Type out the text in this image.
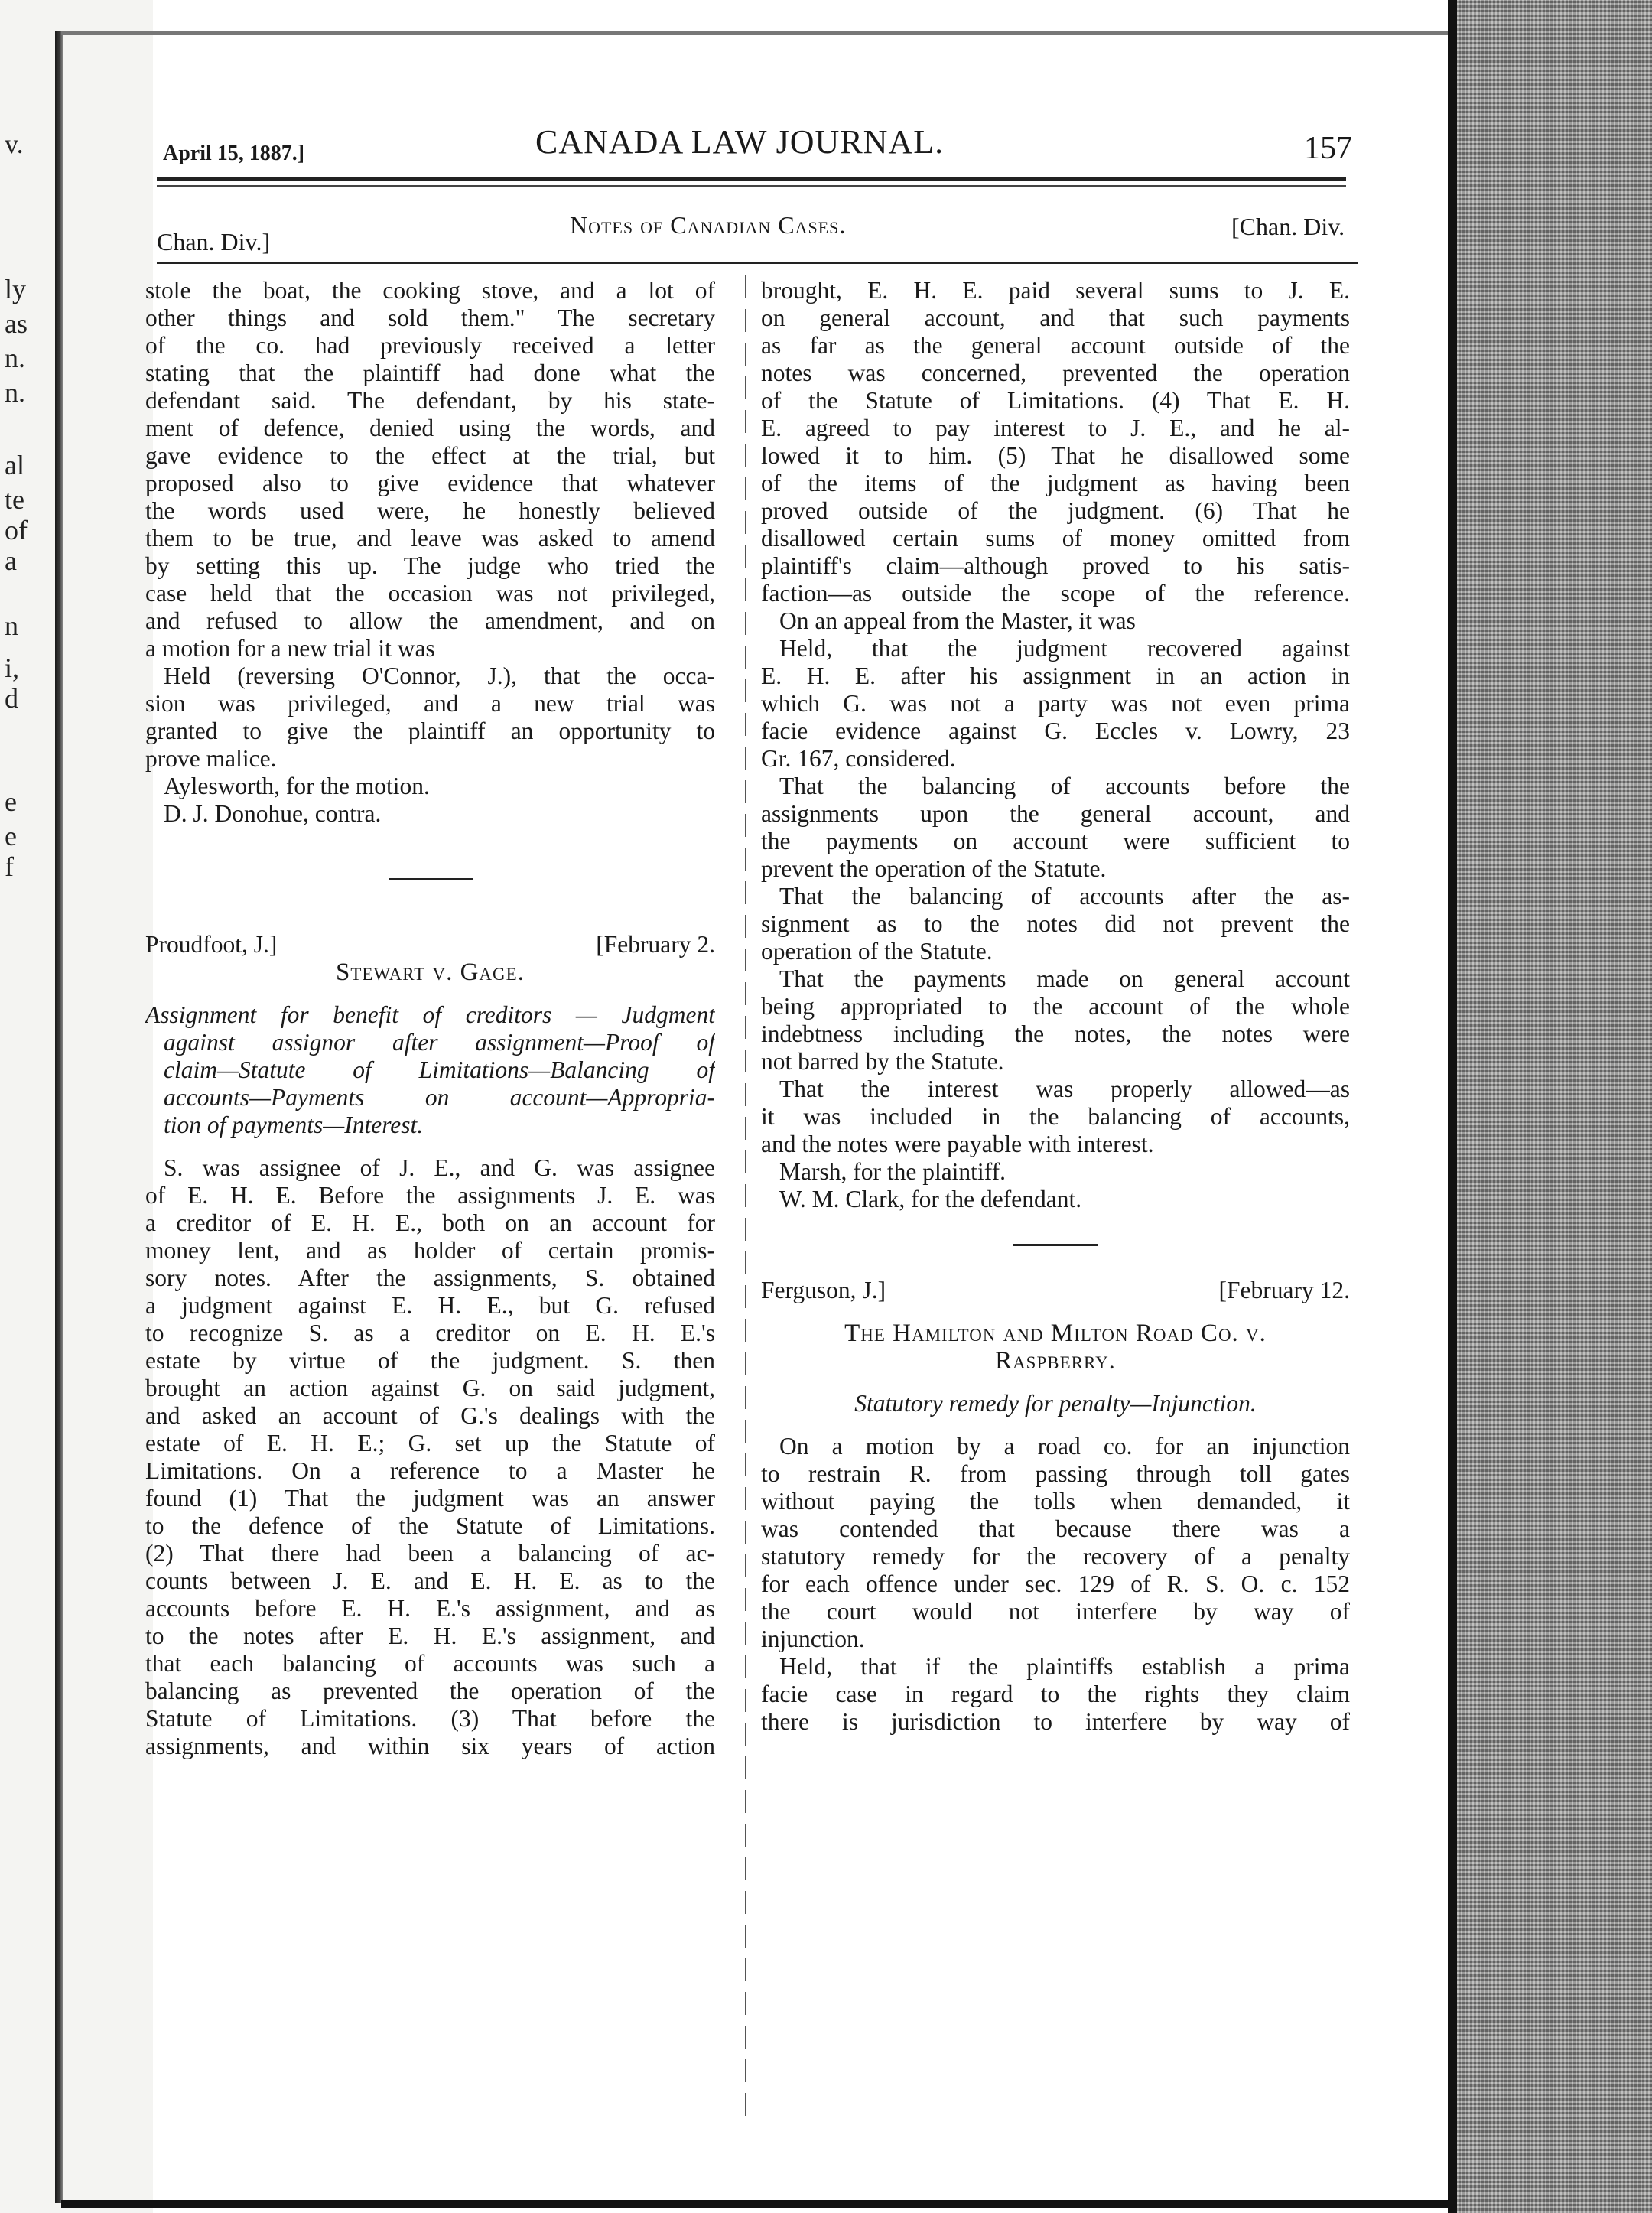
v.
ly
as
n.
n.
al
te
of
a
n
i,
d
e
e
f
April 15, 1887.]	CANADA LAW JOURNAL.	157
Chan. Div.]
Notes of Canadian Cases.	[Chan. Div.
stole the boat, the cooking stove, and a lot of
other things and sold them." The secretary
of the co. had previously received a letter
stating that the plaintiff had done what the
defendant said. The defendant, by his state-
ment of defence, denied using the words, and
gave evidence to the effect at the trial, but
proposed also to give evidence that whatever
the words used were, he honestly believed
them to be true, and leave was asked to amend
by setting this up. The judge who tried the
case held that the occasion was not privileged,
and refused to allow the amendment, and on
a motion for a new trial it was
Held (reversing O'Connor, J.), that the occa-
sion was privileged, and a new trial was
granted to give the plaintiff an opportunity to
prove malice.
Aylesworth, for the motion.
D. J. Donohue, contra.
Proudfoot, J.]	[February 2.
Stewart v. Gage.
Assignment for benefit of creditors — Judgment
against assignor after assignment—Proof of
claim—Statute of Limitations—Balancing of
accounts—Payments on account—Appropria-
tion of payments—Interest.
S. was assignee of J. E., and G. was assignee
of E. H. E. Before the assignments J. E. was
a creditor of E. H. E., both on an account for
money lent, and as holder of certain promis-
sory notes. After the assignments, S. obtained
a judgment against E. H. E., but G. refused
to recognize S. as a creditor on E. H. E.'s
estate by virtue of the judgment. S. then
brought an action against G. on said judgment,
and asked an account of G.'s dealings with the
estate of E. H. E.; G. set up the Statute of
Limitations. On a reference to a Master he
found (1) That the judgment was an answer
to the defence of the Statute of Limitations.
(2) That there had been a balancing of ac-
counts between J. E. and E. H. E. as to the
accounts before E. H. E.'s assignment, and as
to the notes after E. H. E.'s assignment, and
that each balancing of accounts was such a
balancing as prevented the operation of the
Statute of Limitations. (3) That before the
assignments, and within six years of action
brought, E. H. E. paid several sums to J. E.
on general account, and that such payments
as far as the general account outside of the
notes was concerned, prevented the operation
of the Statute of Limitations. (4) That E. H.
E. agreed to pay interest to J. E., and he al-
lowed it to him. (5) That he disallowed some
of the items of the judgment as having been
proved outside of the judgment. (6) That he
disallowed certain sums of money omitted from
plaintiff's claim—although proved to his satis-
faction—as outside the scope of the reference.
On an appeal from the Master, it was
Held, that the judgment recovered against
E. H. E. after his assignment in an action in
which G. was not a party was not even prima
facie evidence against G. Eccles v. Lowry, 23
Gr. 167, considered.
That the balancing of accounts before the
assignments upon the general account, and
the payments on account were sufficient to
prevent the operation of the Statute.
That the balancing of accounts after the as-
signment as to the notes did not prevent the
operation of the Statute.
That the payments made on general account
being appropriated to the account of the whole
indebtness including the notes, the notes were
not barred by the Statute.
That the interest was properly allowed—as
it was included in the balancing of accounts,
and the notes were payable with interest.
Marsh, for the plaintiff.
W. M. Clark, for the defendant.
Ferguson, J.]	[February 12.
The Hamilton and Milton Road Co. v.
Raspberry.
Statutory remedy for penalty—Injunction.
On a motion by a road co. for an injunction
to restrain R. from passing through toll gates
without paying the tolls when demanded, it
was contended that because there was a
statutory remedy for the recovery of a penalty
for each offence under sec. 129 of R. S. O. c. 152
the court would not interfere by way of
injunction.
Held, that if the plaintiffs establish a prima
facie case in regard to the rights they claim
there is jurisdiction to interfere by way of
